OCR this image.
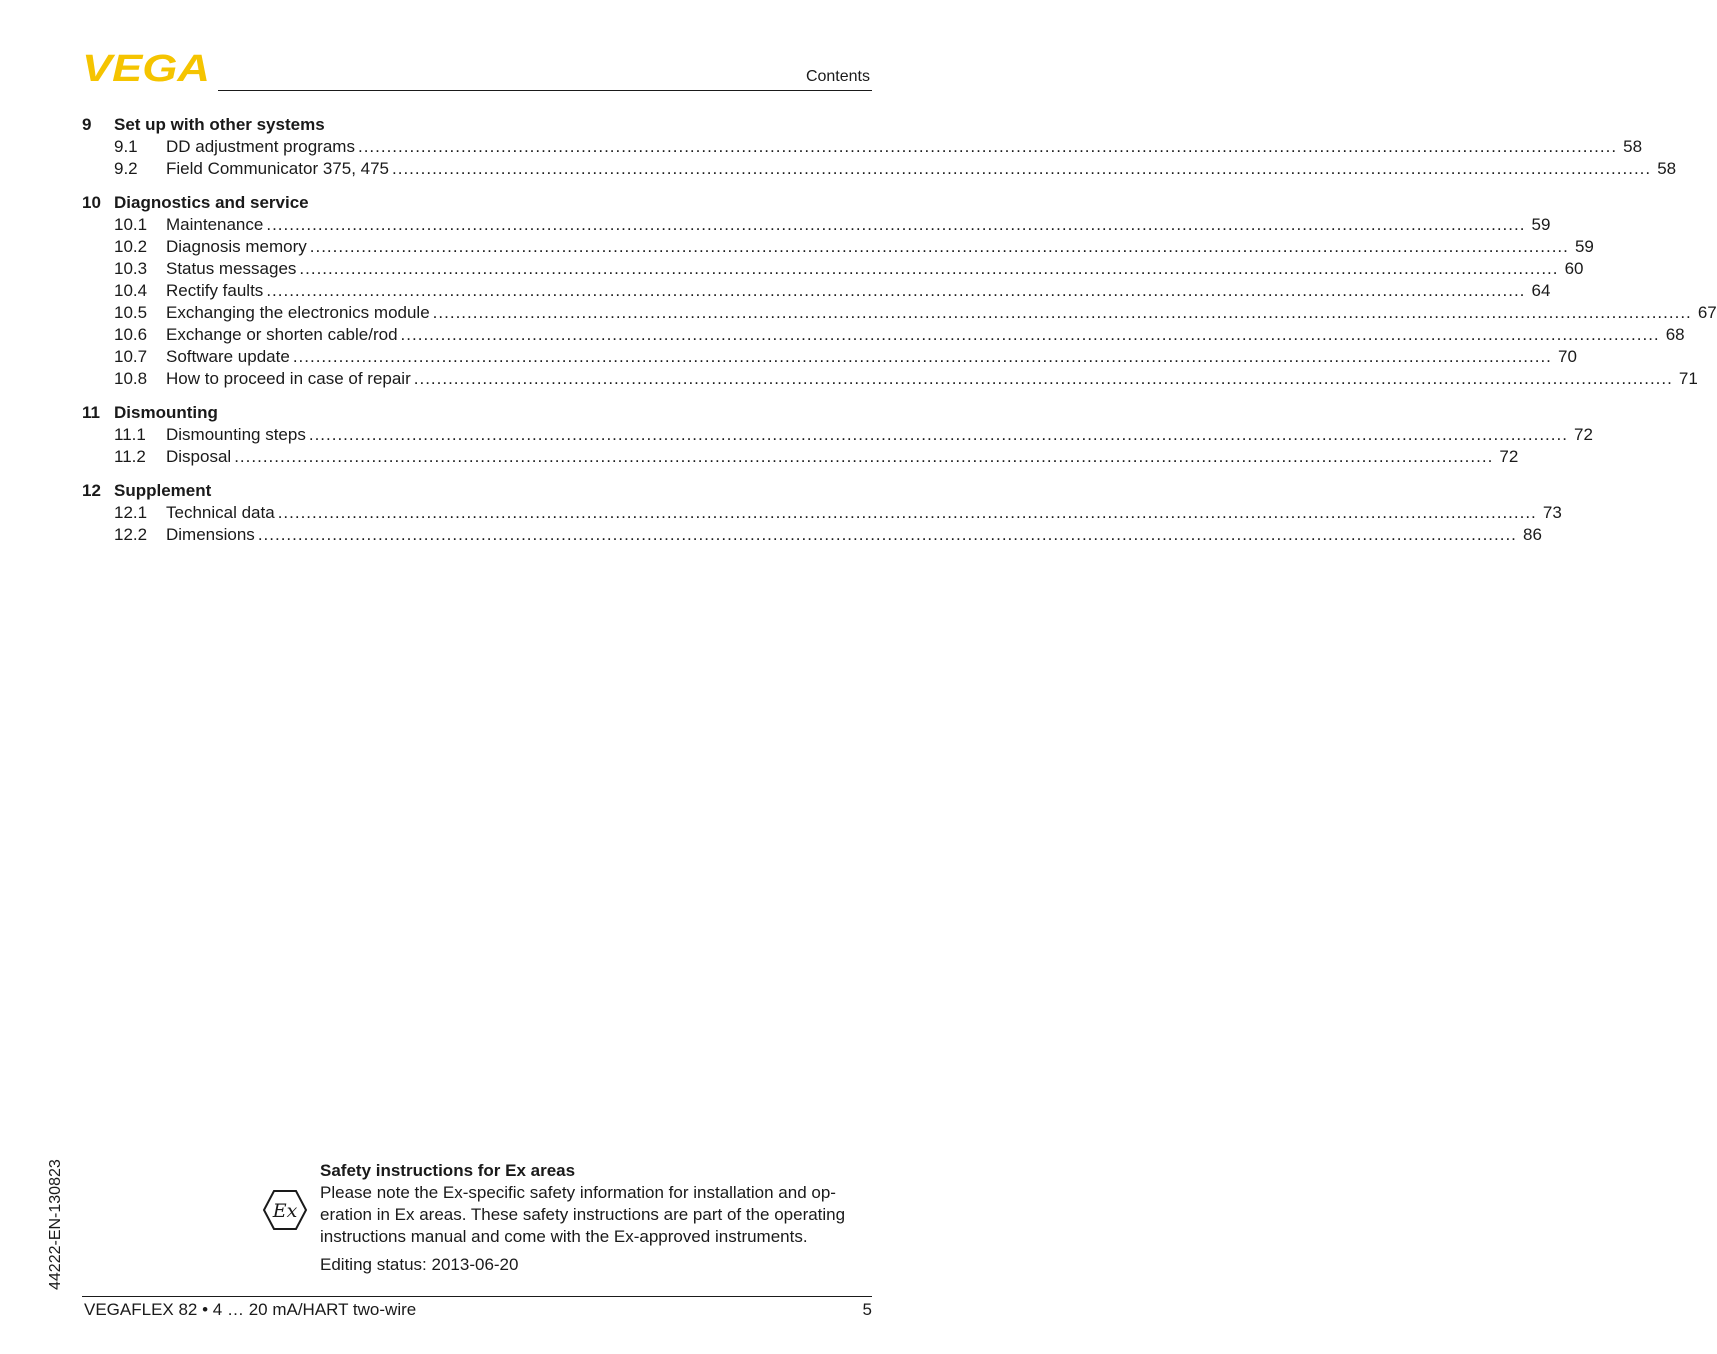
VEGA	Contents
9	Set up with other systems
9.1	DD adjustment programs ............................................................................................................................................................................................................................ 58
9.2	Field Communicator 375, 475 ............................................................................................................................................................................................................................ 58
10 Diagnostics and service
10.1	Maintenance ............................................................................................................................................................................................................................ 59
10.2	Diagnosis memory ............................................................................................................................................................................................................................ 59
10.3	Status messages ............................................................................................................................................................................................................................ 60
10.4	Rectify faults ............................................................................................................................................................................................................................ 64
10.5	Exchanging the electronics module ............................................................................................................................................................................................................................ 67
10.6	Exchange or shorten cable/rod ............................................................................................................................................................................................................................ 68
10.7	Software update ............................................................................................................................................................................................................................ 70
10.8	How to proceed in case of repair ............................................................................................................................................................................................................................ 71
11 Dismounting
11.1	Dismounting steps ............................................................................................................................................................................................................................ 72
11.2	Disposal ............................................................................................................................................................................................................................ 72
12 Supplement
12.1	Technical data ............................................................................................................................................................................................................................ 73
12.2	Dimensions ............................................................................................................................................................................................................................ 86
44222-EN-130823	Ex
Safety instructions for Ex areas
Please note the Ex-specific safety information for installation and op-
eration in Ex areas. These safety instructions are part of the operating
instructions manual and come with the Ex-approved instruments.
Editing status: 2013-06-20
VEGAFLEX 82 • 4 … 20 mA/HART two-wire	5
